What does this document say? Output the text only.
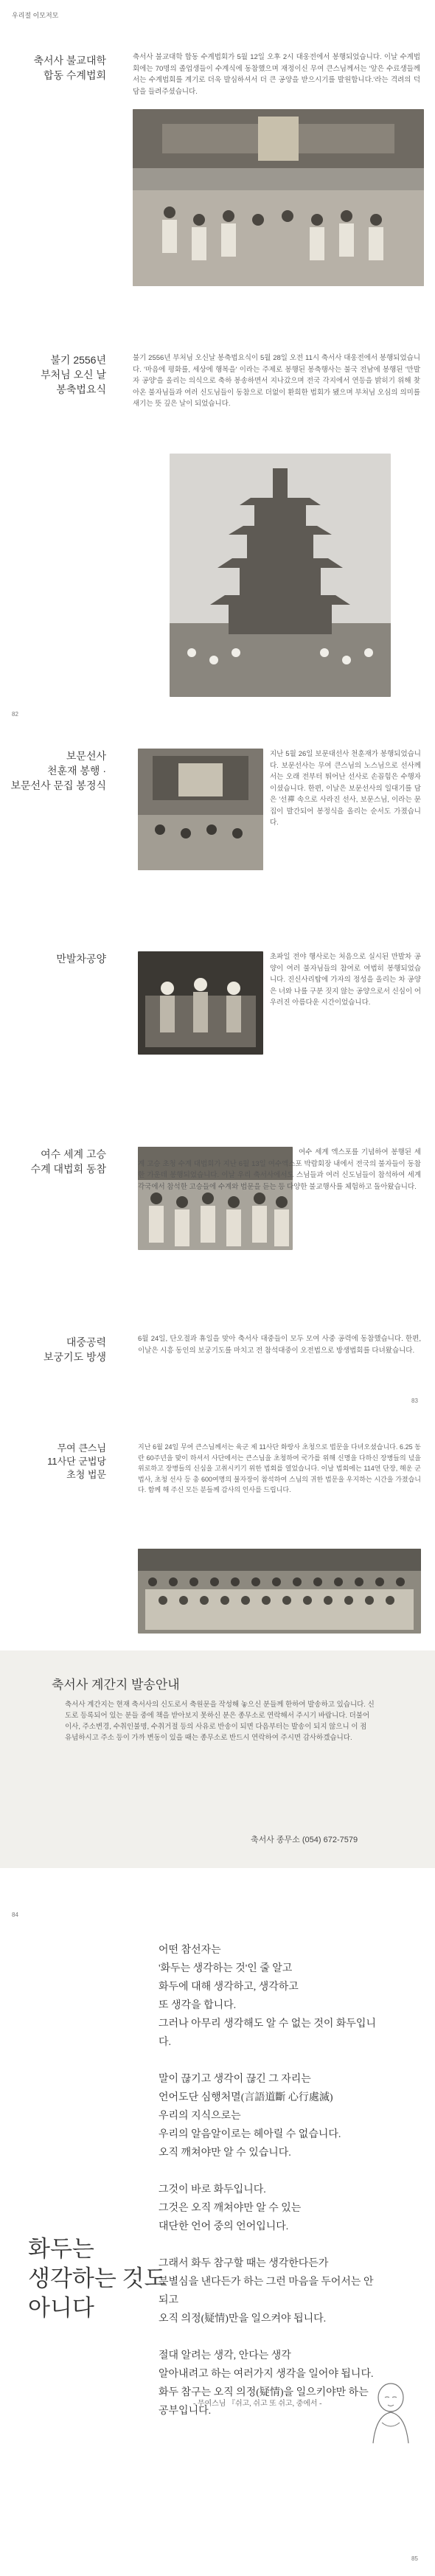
우리절 이모저모
축서사 불교대학
합동 수계법회
축서사 불교대학 합동 수계법회가 5월 12일 오후 2시 대웅전에서 봉행되었습니다. 이날 수계법회에는 70명의 졸업생들이 수계식에 동참했으며 재정이신 무여 큰스님께서는 '앞은 수료생들께서는 수계법회를 계기로 더욱 발심하셔서 더 큰 공양을 받으시기를 발원합니다.'라는 격려의 덕담을 들려주셨습니다.
불기 2556년
부처님 오신 날
봉축법요식
불기 2556년 부처님 오신날 봉축법요식이 5월 28일 오전 11시 축서사 대웅전에서 봉행되었습니다. '마음에 평화를, 세상에 행복을' 이라는 주제로 봉행된 봉축행사는 불국 전남에 봉행된 '만발 자 공양'을 올리는 의식으로 축하 봉송하면서 지나갔으며 전국 각지에서 연등을 밝히기 위해 찾아온 불자님들과 여러 신도님들이 동참으로 더없이 환희한 법회가 됐으며 부처님 오심의 의미를 새기는 뜻 깊은 날이 되었습니다.
82
보문선사
천훈재 봉행 ·
보문선사 문집 봉정식
지난 5월 26일 보문대선사 천훈재가 봉행되었습니다. 보문선사는 무여 큰스님의 노스님으로 선사께서는 오래 전부터 뛰어난 선사로 손꼽힘은 수행자이셨습니다. 한편, 이날은 보문선사의 일대기를 담은 '선禪 속으로 사라진 선사, 보문스님, 이라는 문집이 발간되어 봉정식을 올리는 순서도 가졌습니다.
만발차공양	초파일 전야 행사로는 처음으로 실시된 만발차 공양이 여러 불자님들의 참여로 여법히 봉행되었습니다. 진신사리탑에 가자의 정성을 올리는 차 공양은 너와 나를 구분 짓지 않는 공양으로서 신심이 어우러진 아름다운 시간이었습니다.
여수 세계 고승
수계 대법회 동참
여수 세계 엑스포를 기념하여 봉행된 세계 고승 초청 수계 대법회가 지난 6월 13일 여수엑스포 박람회장 내에서 전국의 불자들이 동참한 가운데 봉행되었습니다. 이날 우리 축서사에서도 스님들과 여러 신도님들이 참석하여 세계 각국에서 참석한 고승들에 수계와 법문을 듣는 등 다양한 불교행사를 체험하고 돌아왔습니다.
대중공력
보궁기도 방생
6월 24일, 단오절과 휴일을 맞아 축서사 대중들이 모두 모여 사중 공력에 동참했습니다. 한편, 이날은 시흥 동인의 보궁기도를 마치고 전 참석대중이 오전법으로 방생법회를 다녀왔습니다.
83
무여 큰스님
11사단 군법당
초청 법문
지난 6월 24일 무여 큰스님께서는 육군 제 11사단 화랑사 초청으로 법문을 다녀오셨습니다. 6.25 동란 60주년을 맞이 하셔서 사단에서는 큰스님을 초청하여 국가를 위해 신명을 다하신 장병들의 넋을 위로하고 장병들의 신심을 고취시키기 위한 법회를 열었습니다. 이날 법회에는 114연 단장, 해운 군법사, 초청 선사 등 총 600여명의 불자장이 참석하여 스님의 귀한 법문을 우지하는 시간을 가졌습니다. 함께 해 주신 모든 분들께 감사의 인사를 드립니다.
축서사 계간지 발송안내
축서사 계간지는 현재 축서사의 신도로서 축원문을 작성해 놓으신 분들께 한하여 발송하고 있습니다. 신도로 등록되어 있는 분들 중에 책을 받아보지 못하신 분은 종무소로 연락해서 주시기 바랍니다. 더불어 이사, 주소변경, 수취인불명, 수취거절 등의 사유로 반송이 되면 다음부터는 발송이 되지 않으니 이 점 유념하시고 주소 등이 가까 변동이 있을 때는 종무소로 반드시 연락하여 주시면 감사하겠습니다.
축서사 종무소 (054) 672-7579
84

어떤 참선자는

'화두는 생각하는 것'인 줄 알고

화두에 대해 생각하고, 생각하고

또 생각을 합니다.

그러나 아무리 생각해도 알 수 없는 것이 화두입니다.

말이 끊기고 생각이 끊긴 그 자리는

언어도단 심행처멸(言語道斷 心行處滅)

우리의 지식으로는

우리의 알음알이로는 헤아릴 수 없습니다.

오직 깨쳐야만 알 수 있습니다.

그것이 바로 화두입니다.

그것은 오직 깨쳐야만 알 수 있는

대단한 언어 중의 언어입니다.

그래서 화두 참구할 때는 생각한다든가

분별심을 낸다든가 하는 그런 마음을 두어서는 안 되고

오직 의정(疑情)만을 일으켜야 됩니다.

절대 알려는 생각, 안다는 생각

알아내려고 하는 여러가지 생각을 일어야 됩니다.

화두 참구는 오직 의정(疑情)을 일으키야만 하는

공부입니다.

화두는
생각하는 것도
아니다
- 무여스님 『쉬고, 쉬고 또 쉬고, 중에서 -
85
